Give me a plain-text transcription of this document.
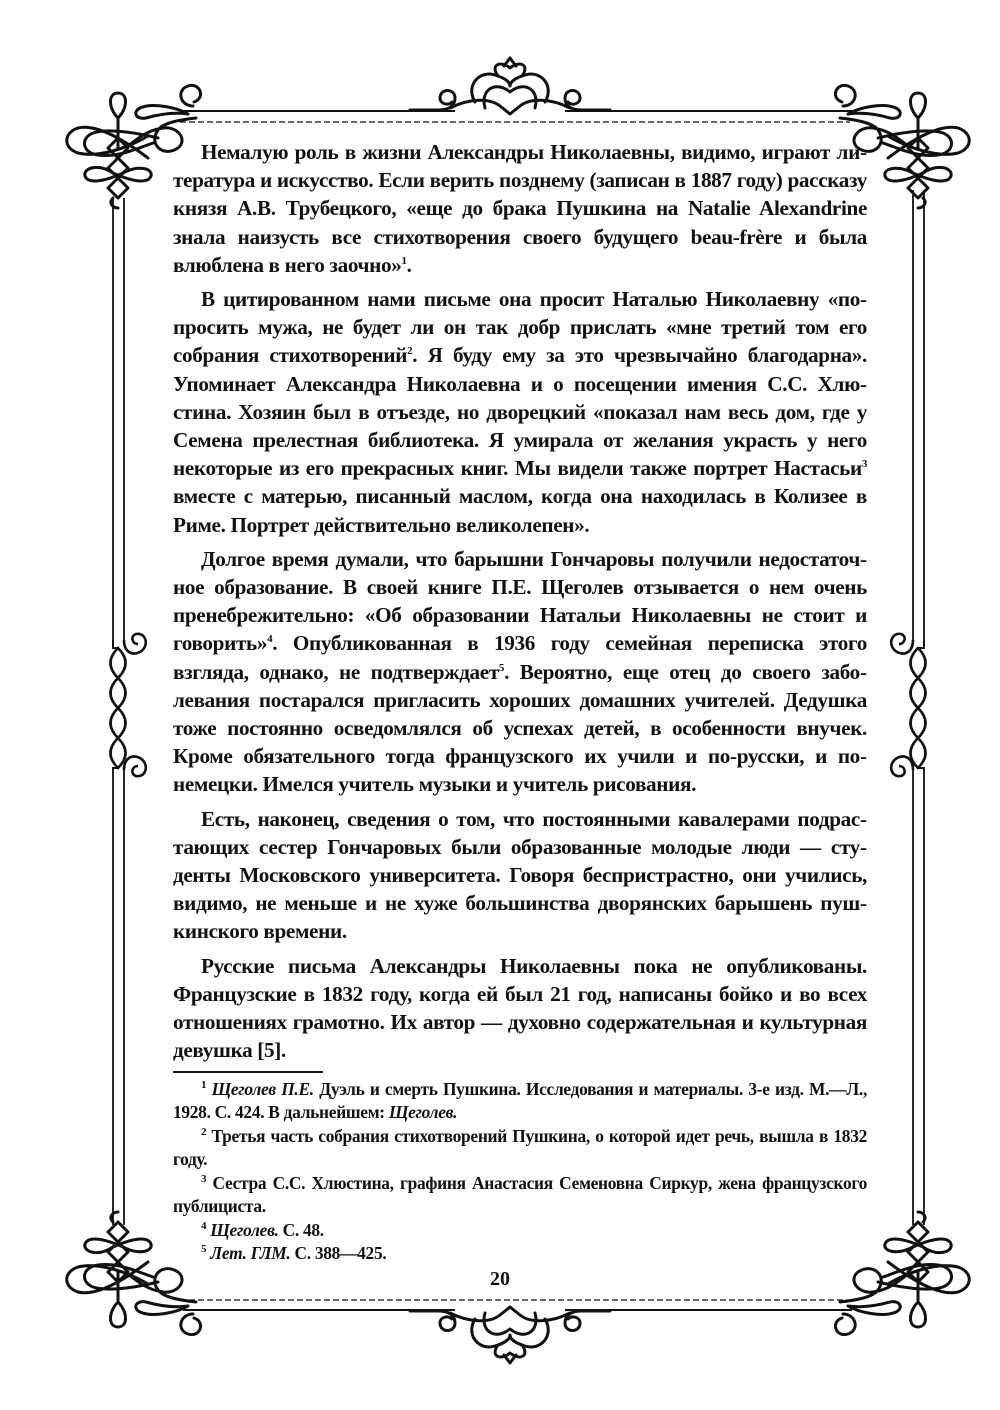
Немалую роль в жизни Александры Николаевны, видимо, играют литература и искусство. Если верить позднему (записан в 1887 году) рассказу князя А.В. Трубецкого, «еще до брака Пушкина на Natalie Alexandrine знала наизусть все стихотворения своего будущего beau-frère и была влюблена в него заочно»$^1$.

В цитированном нами письме она просит Наталью Николаевну «попросить мужа, не будет ли он так добр прислать «мне третий том его собрания стихотворений$^2$. Я буду ему за это чрезвычайно благодарна». Упоминает Александра Николаевна и о посещении имения С.С. Хлюстина. Хозяин был в отъезде, но дворецкий «показал нам весь дом, где у Семена прелестная библиотека. Я умирала от желания украсть у него некоторые из его прекрасных книг. Мы видели также портрет Настасьи$^3$ вместе с матерью, писанный маслом, когда она находилась в Колизее в Риме. Портрет действительно великолепен».

Долгое время думали, что барышни Гончаровы получили недостаточное образование. В своей книге П.Е. Щеголев отзывается о нем очень пренебрежительно: «Об образовании Натальи Николаевны не стоит и говорить»$^4$. Опубликованная в 1936 году семейная переписка этого взгляда, однако, не подтверждает$^5$. Вероятно, еще отец до своего заболевания постарался пригласить хороших домашних учителей. Дедушка тоже постоянно осведомлялся об успехах детей, в особенности внучек. Кроме обязательного тогда французского их учили и по-русски, и понемецки. Имелся учитель музыки и учитель рисования.

Есть, наконец, сведения о том, что постоянными кавалерами подрастающих сестер Гончаровых были образованные молодые люди — студенты Московского университета. Говоря беспристрастно, они учились, видимо, не меньше и не хуже большинства дворянских барышень пушкинского времени.

Русские письма Александры Николаевны пока не опубликованы. Французские в 1832 году, когда ей был 21 год, написаны бойко и во всех отношениях грамотно. Их автор — духовно содержательная и культурная девушка [5].

$^1$ Щеголев П.Е. Дуэль и смерть Пушкина. Исследования и материалы. 3-е изд. М.—Л., 1928. С. 424. В дальнейшем: Щеголев.

$^2$ Третья часть собрания стихотворений Пушкина, о которой идет речь, вышла в 1832 году.

$^3$ Сестра С.С. Хлюстина, графиня Анастасия Семеновна Сиркур, жена французского публициста.

$^4$ Щеголев. С. 48.

$^5$ Лет. ГЛМ. С. 388—425.

20
